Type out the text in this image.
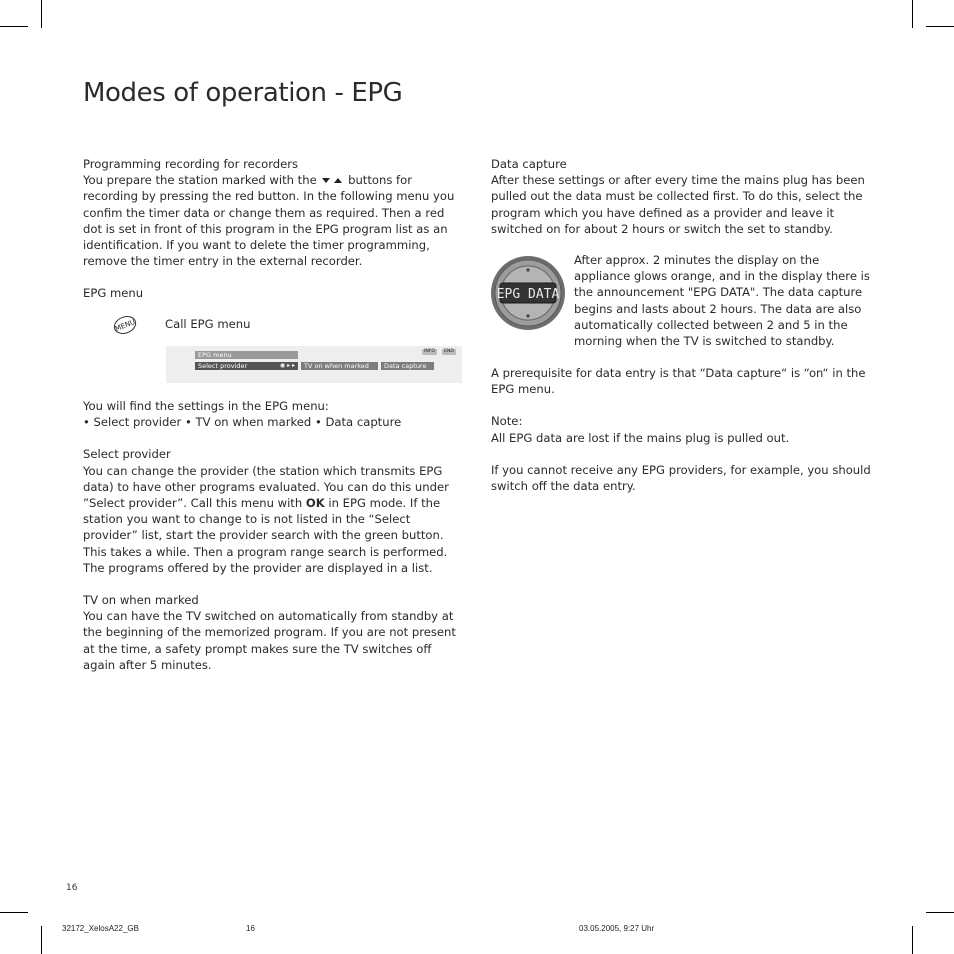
Modes of operation - EPG

Programming recording for recorders

You prepare the station marked with the	buttons for recording by pressing the red button. In the following menu you confim the timer data or change them as required. Then a red dot is set in front of this program in the EPG program list as an identification. If you want to delete the timer programming, remove the timer entry in the external recorder.

EPG menu

MENU Call EPG menu
EPG menu	INFO	END
Select provider	◉ ▸ ▸	TV on when marked	Data capture

You will find the settings in the EPG menu:

• Select provider • TV on when marked • Data capture

Select provider

You can change the provider (the station which transmits EPG data) to have other programs evaluated. You can do this under ”Select provider”. Call this menu with OK in EPG mode. If the station you want to change to is not listed in the “Select provider” list, start the provider search with the green button. This takes a while. Then a program range search is performed. The programs offered by the provider are displayed in a list.

TV on when marked

You can have the TV switched on automatically from standby at the beginning of the memorized program. If you are not present at the time, a safety prompt makes sure the TV switches off again after 5 minutes.

Data capture

After these settings or after every time the mains plug has been pulled out the data must be collected first. To do this, select the program which you have defined as a provider and leave it switched on for about 2 hours or switch the set to standby.

EPG DATA

After approx. 2 minutes the display on the appliance glows orange, and in the display there is the announcement "EPG DATA". The data capture begins and lasts about 2 hours. The data are also automatically collected between 2 and 5 in the morning when the TV is switched to standby.

A prerequisite for data entry is that “Data capture“ is “on“ in the EPG menu.

Note:

All EPG data are lost if the mains plug is pulled out.

If you cannot receive any EPG providers, for example, you should switch off the data entry.

16
32172_XelosA22_GB	16	03.05.2005, 9:27 Uhr
